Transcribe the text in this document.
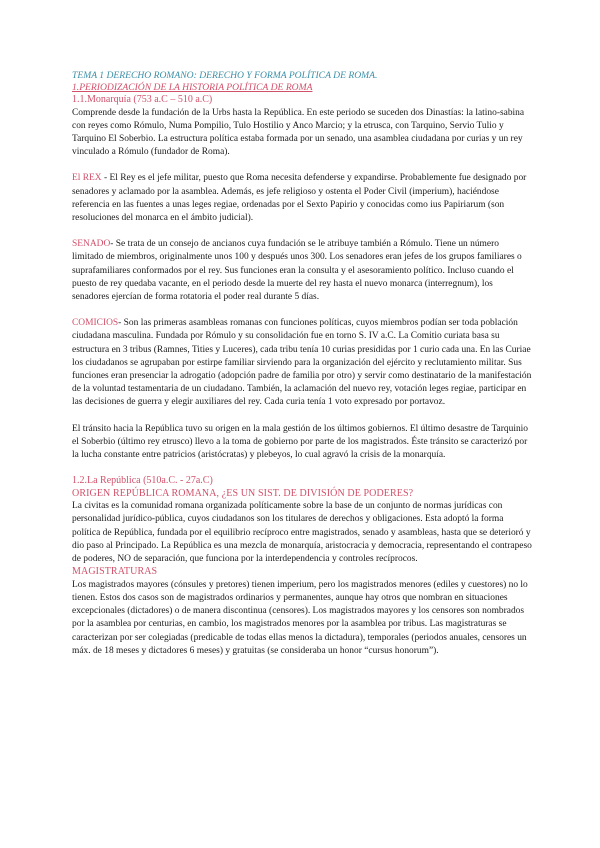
TEMA 1 DERECHO ROMANO: DERECHO Y FORMA POLÍTICA DE ROMA.

1.PERIODIZACIÓN DE LA HISTORIA POLÍTICA DE ROMA

1.1.Monarquía (753 a.C – 510 a.C)

Comprende desde la fundación de la Urbs hasta la República. En este periodo se suceden dos Dinastías: la latino-sabina con reyes como Rómulo, Numa Pompilio, Tulo Hostilio y Anco Marcio; y la etrusca, con Tarquino, Servio Tulio y Tarquino El Soberbio. La estructura política estaba formada por un senado, una asamblea ciudadana por curias y un rey vinculado a Rómulo (fundador de Roma).

El REX - El Rey es el jefe militar, puesto que Roma necesita defenderse y expandirse. Probablemente fue designado por senadores y aclamado por la asamblea. Además, es jefe religioso y ostenta el Poder Civil (imperium), haciéndose referencia en las fuentes a unas leges regiae, ordenadas por el Sexto Papirio y conocidas como ius Papiriarum (son resoluciones del monarca en el ámbito judicial).

SENADO- Se trata de un consejo de ancianos cuya fundación se le atribuye también a Rómulo. Tiene un número limitado de miembros, originalmente unos 100 y después unos 300. Los senadores eran jefes de los grupos familiares o suprafamiliares conformados por el rey. Sus funciones eran la consulta y el asesoramiento político. Incluso cuando el puesto de rey quedaba vacante, en el periodo desde la muerte del rey hasta el nuevo monarca (interregnum), los senadores ejercían de forma rotatoria el poder real durante 5 días.

COMICIOS- Son las primeras asambleas romanas con funciones políticas, cuyos miembros podían ser toda población ciudadana masculina. Fundada por Rómulo y su consolidación fue en torno S. IV a.C. La Comitio curiata basa su estructura en 3 tribus (Ramnes, Tities y Luceres), cada tribu tenía 10 curias presididas por 1 curio cada una. En las Curiae los ciudadanos se agrupaban por estirpe familiar sirviendo para la organización del ejército y reclutamiento militar. Sus funciones eran presenciar la adrogatio (adopción padre de familia por otro) y servir como destinatario de la manifestación de la voluntad testamentaria de un ciudadano. También, la aclamación del nuevo rey, votación leges regiae, participar en las decisiones de guerra y elegir auxiliares del rey. Cada curia tenía 1 voto expresado por portavoz.

El tránsito hacia la República tuvo su origen en la mala gestión de los últimos gobiernos. El último desastre de Tarquinio el Soberbio (último rey etrusco) llevo a la toma de gobierno por parte de los magistrados. Éste tránsito se caracterizó por la lucha constante entre patricios (aristócratas) y plebeyos, lo cual agravó la crisis de la monarquía.

1.2.La República (510a.C. - 27a.C)

ORIGEN REPÚBLICA ROMANA, ¿ES UN SIST. DE DIVISIÓN DE PODERES?

La civitas es la comunidad romana organizada políticamente sobre la base de un conjunto de normas jurídicas con personalidad jurídico-pública, cuyos ciudadanos son los titulares de derechos y obligaciones. Esta adoptó la forma política de República, fundada por el equilibrio recíproco entre magistrados, senado y asambleas, hasta que se deterioró y dio paso al Principado. La República es una mezcla de monarquía, aristocracia y democracia, representando el contrapeso de poderes, NO de separación, que funciona por la interdependencia y controles recíprocos.

MAGISTRATURAS

Los magistrados mayores (cónsules y pretores) tienen imperium, pero los magistrados menores (ediles y cuestores) no lo tienen. Estos dos casos son de magistrados ordinarios y permanentes, aunque hay otros que nombran en situaciones excepcionales (dictadores) o de manera discontinua (censores). Los magistrados mayores y los censores son nombrados por la asamblea por centurias, en cambio, los magistrados menores por la asamblea por tribus. Las magistraturas se caracterizan por ser colegiadas (predicable de todas ellas menos la dictadura), temporales (periodos anuales, censores un máx. de 18 meses y dictadores 6 meses) y gratuitas (se consideraba un honor “cursus honorum”).
